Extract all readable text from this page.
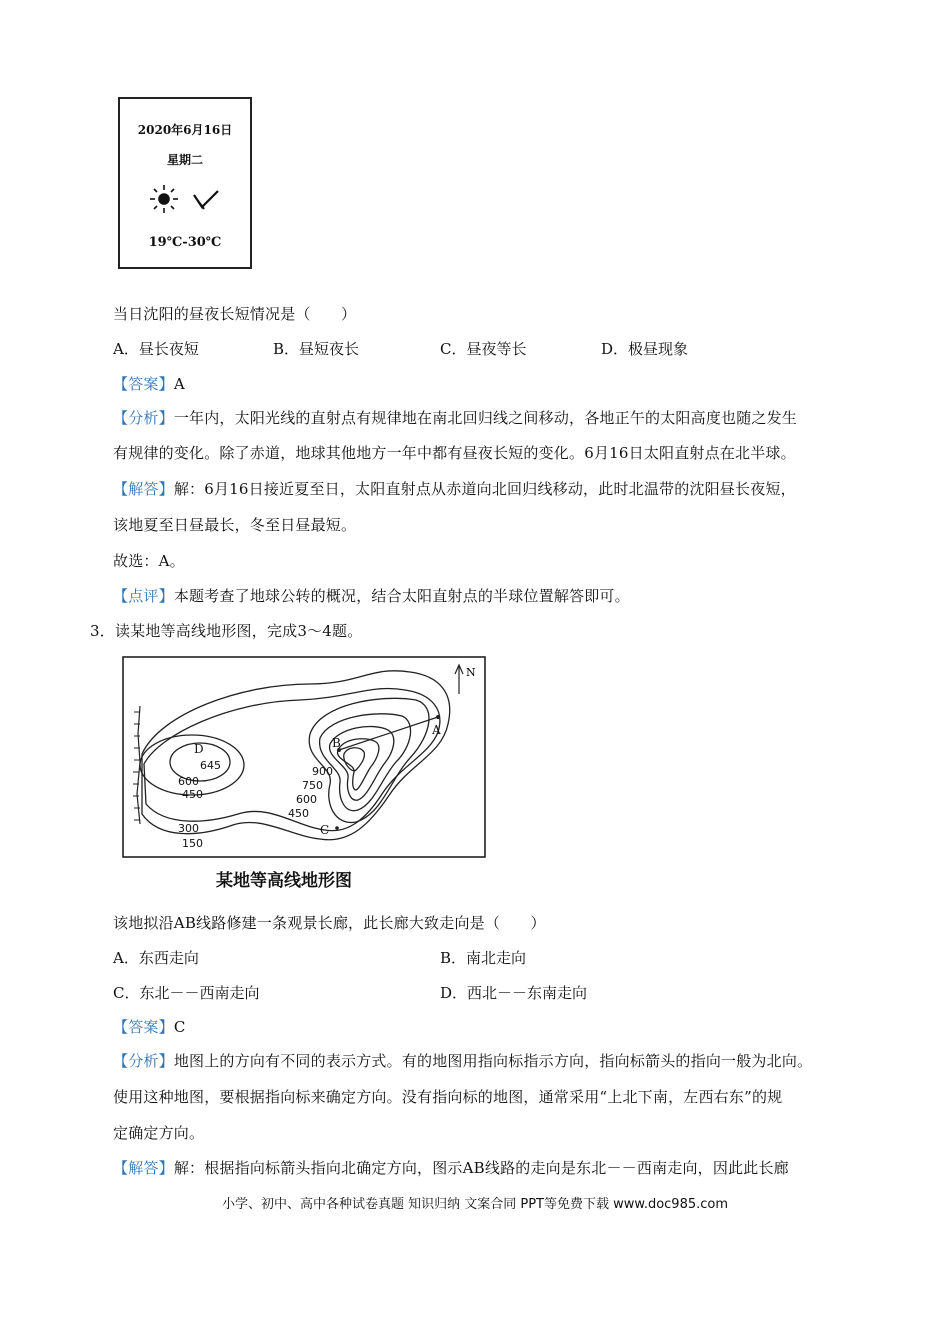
2020年6月16日
星期二
19℃-30℃
当日沈阳的昼夜长短情况是（　　）
A．昼长夜短	B．昼短夜长	C．昼夜等长	D．极昼现象
【答案】A
【分析】一年内，太阳光线的直射点有规律地在南北回归线之间移动，各地正午的太阳高度也随之发生
有规律的变化。除了赤道，地球其他地方一年中都有昼夜长短的变化。6月16日太阳直射点在北半球。
【解答】解：6月16日接近夏至日，太阳直射点从赤道向北回归线移动，此时北温带的沈阳昼长夜短，
该地夏至日昼最长，冬至日昼最短。
故选：A。
【点评】本题考查了地球公转的概况，结合太阳直射点的半球位置解答即可。
3．读某地等高线地形图，完成3～4题。
N
A
B
C
D
645
600
450
900
750
600
450
300
150
某地等高线地形图
该地拟沿AB线路修建一条观景长廊，此长廊大致走向是（　　）
A．东西走向	B．南北走向
C．东北－－西南走向	D．西北－－东南走向
【答案】C
【分析】地图上的方向有不同的表示方式。有的地图用指向标指示方向，指向标箭头的指向一般为北向。
使用这种地图，要根据指向标来确定方向。没有指向标的地图，通常采用“上北下南，左西右东”的规
定确定方向。
【解答】解：根据指向标箭头指向北确定方向，图示AB线路的走向是东北－－西南走向，因此此长廊
小学、初中、高中各种试卷真题 知识归纳 文案合同 PPT等免费下载 www.doc985.com
